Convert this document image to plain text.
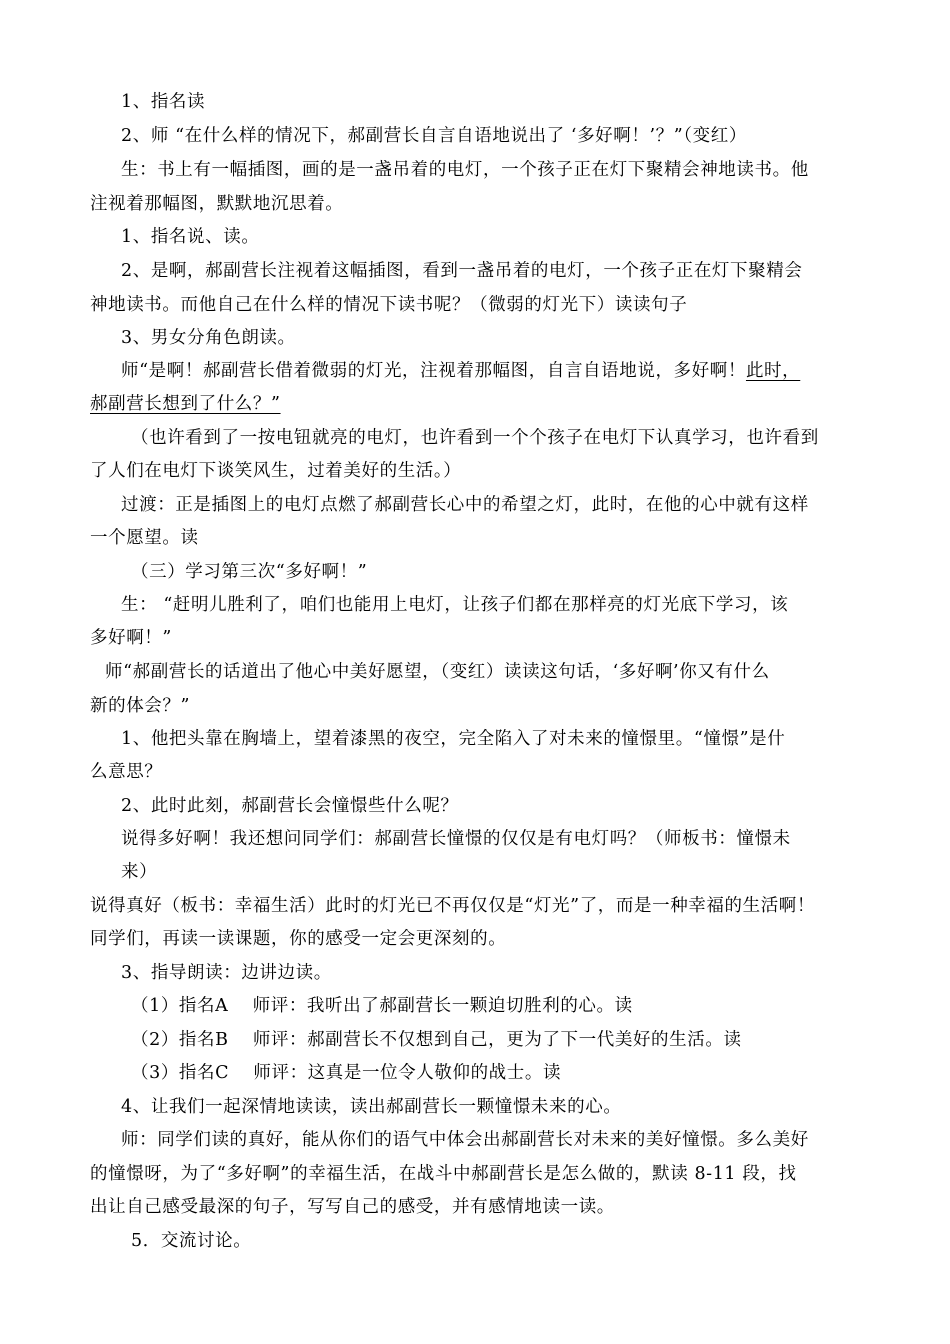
1、指名读
2、师 “在什么样的情况下，郝副营长自言自语地说出了 ‘多好啊！’？”（变红）
生：书上有一幅插图，画的是一盏吊着的电灯，一个孩子正在灯下聚精会神地读书。他
注视着那幅图，默默地沉思着。
1、指名说、读。
2、是啊，郝副营长注视着这幅插图，看到一盏吊着的电灯，一个孩子正在灯下聚精会
神地读书。而他自己在什么样的情况下读书呢？（微弱的灯光下）读读句子
3、男女分角色朗读。
师“是啊！郝副营长借着微弱的灯光，注视着那幅图，自言自语地说，多好啊！此时，
郝副营长想到了什么？”
（也许看到了一按电钮就亮的电灯，也许看到一个个孩子在电灯下认真学习，也许看到
了人们在电灯下谈笑风生，过着美好的生活。）
过渡：正是插图上的电灯点燃了郝副营长心中的希望之灯，此时，在他的心中就有这样
一个愿望。读
（三）学习第三次“多好啊！”
生： “赶明儿胜利了，咱们也能用上电灯，让孩子们都在那样亮的灯光底下学习，该
多好啊！”
师“郝副营长的话道出了他心中美好愿望，（变红）读读这句话，‘多好啊’你又有什么
新的体会？”
1、他把头靠在胸墙上，望着漆黑的夜空，完全陷入了对未来的憧憬里。“憧憬”是什
么意思？
2、此时此刻，郝副营长会憧憬些什么呢？
说得多好啊！我还想问同学们：郝副营长憧憬的仅仅是有电灯吗？（师板书：憧憬未
来）
说得真好（板书：幸福生活）此时的灯光已不再仅仅是“灯光”了，而是一种幸福的生活啊！
同学们，再读一读课题，你的感受一定会更深刻的。
3、指导朗读：边讲边读。
（1）指名A　 师评：我听出了郝副营长一颗迫切胜利的心。读
（2）指名B　 师评：郝副营长不仅想到自己，更为了下一代美好的生活。读
（3）指名C　 师评：这真是一位令人敬仰的战士。读
4、让我们一起深情地读读，读出郝副营长一颗憧憬未来的心。
师：同学们读的真好，能从你们的语气中体会出郝副营长对未来的美好憧憬。多么美好
的憧憬呀，为了“多好啊”的幸福生活，在战斗中郝副营长是怎么做的，默读 8-11 段，找
出让自己感受最深的句子，写写自己的感受，并有感情地读一读。
5．交流讨论。
